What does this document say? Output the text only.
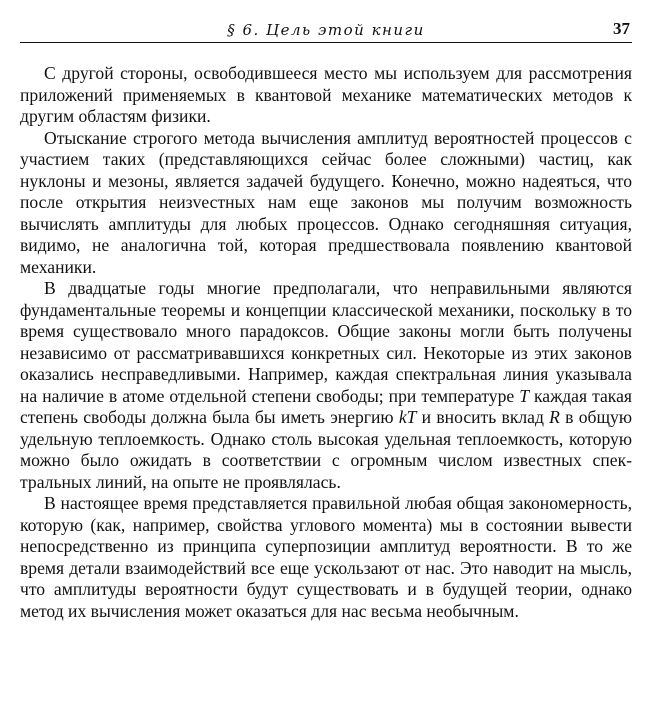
§ 6. Цель этой книги	37

С другой стороны, освободившееся место мы используем для рассмотрения приложений применяемых в квантовой механике математических методов к другим областям физики.

Отыскание строгого метода вычисления амплитуд вероятностей процессов с участием таких (представляющихся сейчас более сложными) частиц, как нуклоны и мезоны, является задачей будущего. Конечно, можно надеяться, что после открытия неизvестных нам еще законов мы получим возможность вычислять амплитуды для любых процессов. Однако сегодняшняя ситуация, видимо, не аналогична той, которая предшествовала появлению квантовой механики.

В двадцатые годы многие предполагали, что неправильными являются фундаментальные теоремы и концепции классической механики, поскольку в то время существовало много парадоксов. Общие законы могли быть получены независимо от рассматривавшихся конкретных сил. Некоторые из этих законов оказались несправедливыми. Например, каждая спектральная линия указывала на наличие в атоме отдельной степени свободы; при температуре T каждая такая степень свободы должна была бы иметь энергию kT и вносить вклад R в общую удельную теплоемкость. Однако столь высокая удельная теплоемкость, которую можно было ожидать в соответствии с огромным числом известных спектральных линий, на опыте не проявлялась.

В настоящее время представляется правильной любая общая закономерность, которую (как, например, свойства углового момента) мы в состоянии вывести непосредственно из принципа суперпозиции амплитуд вероятности. В то же время детали взаимодействий все еще ускользают от нас. Это наводит на мысль, что амплитуды вероятности будут существовать и в будущей теории, однако метод их вычисления может оказаться для нас весьма необычным.
